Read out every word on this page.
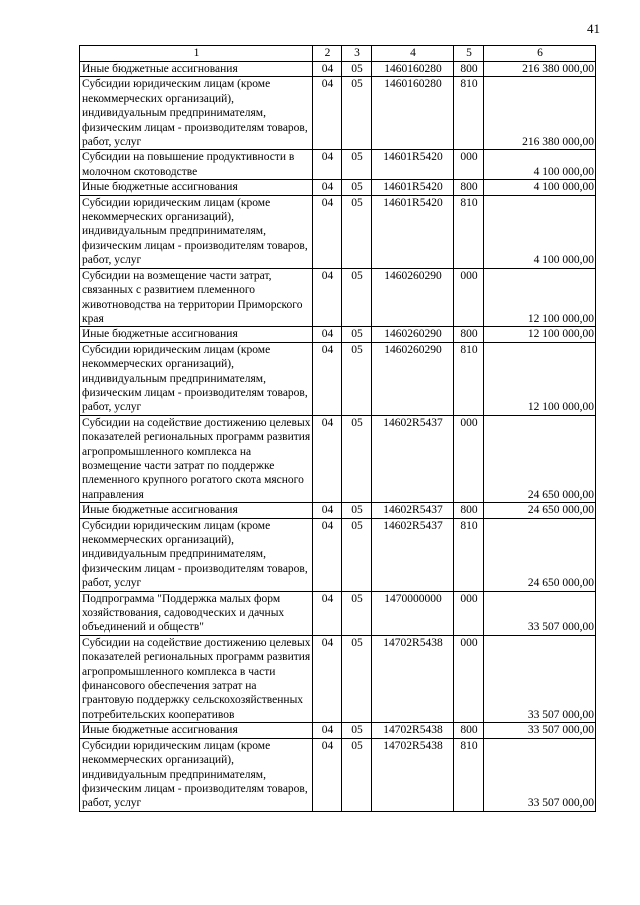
41
1	2	3	4	5	6
Иные бюджетные ассигнования	04	05	1460160280	800	216 380 000,00
Субсидии юридическим лицам (кроме некоммерческих организаций), индивидуальным предпринимателям, физическим лицам - производителям товаров, работ, услуг	04	05	1460160280	810	216 380 000,00
Субсидии на повышение продуктивности в молочном скотоводстве	04	05	14601R5420	000	4 100 000,00
Иные бюджетные ассигнования	04	05	14601R5420	800	4 100 000,00
Субсидии юридическим лицам (кроме некоммерческих организаций), индивидуальным предпринимателям, физическим лицам - производителям товаров, работ, услуг	04	05	14601R5420	810	4 100 000,00
Субсидии на возмещение части затрат, связанных с развитием племенного животноводства на территории Приморского края	04	05	1460260290	000	12 100 000,00
Иные бюджетные ассигнования	04	05	1460260290	800	12 100 000,00
Субсидии юридическим лицам (кроме некоммерческих организаций), индивидуальным предпринимателям, физическим лицам - производителям товаров, работ, услуг	04	05	1460260290	810	12 100 000,00
Субсидии на содействие достижению целевых показателей региональных программ развития агропромышленного комплекса на возмещение части затрат по поддержке племенного крупного рогатого скота мясного направления	04	05	14602R5437	000	24 650 000,00
Иные бюджетные ассигнования	04	05	14602R5437	800	24 650 000,00
Субсидии юридическим лицам (кроме некоммерческих организаций), индивидуальным предпринимателям, физическим лицам - производителям товаров, работ, услуг	04	05	14602R5437	810	24 650 000,00
Подпрограмма "Поддержка малых форм хозяйствования, садоводческих и дачных объединений и обществ"	04	05	1470000000	000	33 507 000,00
Субсидии на содействие достижению целевых показателей региональных программ развития агропромышленного комплекса в части финансового обеспечения затрат на грантовую поддержку сельскохозяйственных потребительских кооперативов	04	05	14702R5438	000	33 507 000,00
Иные бюджетные ассигнования	04	05	14702R5438	800	33 507 000,00
Субсидии юридическим лицам (кроме некоммерческих организаций), индивидуальным предпринимателям, физическим лицам - производителям товаров, работ, услуг	04	05	14702R5438	810	33 507 000,00
